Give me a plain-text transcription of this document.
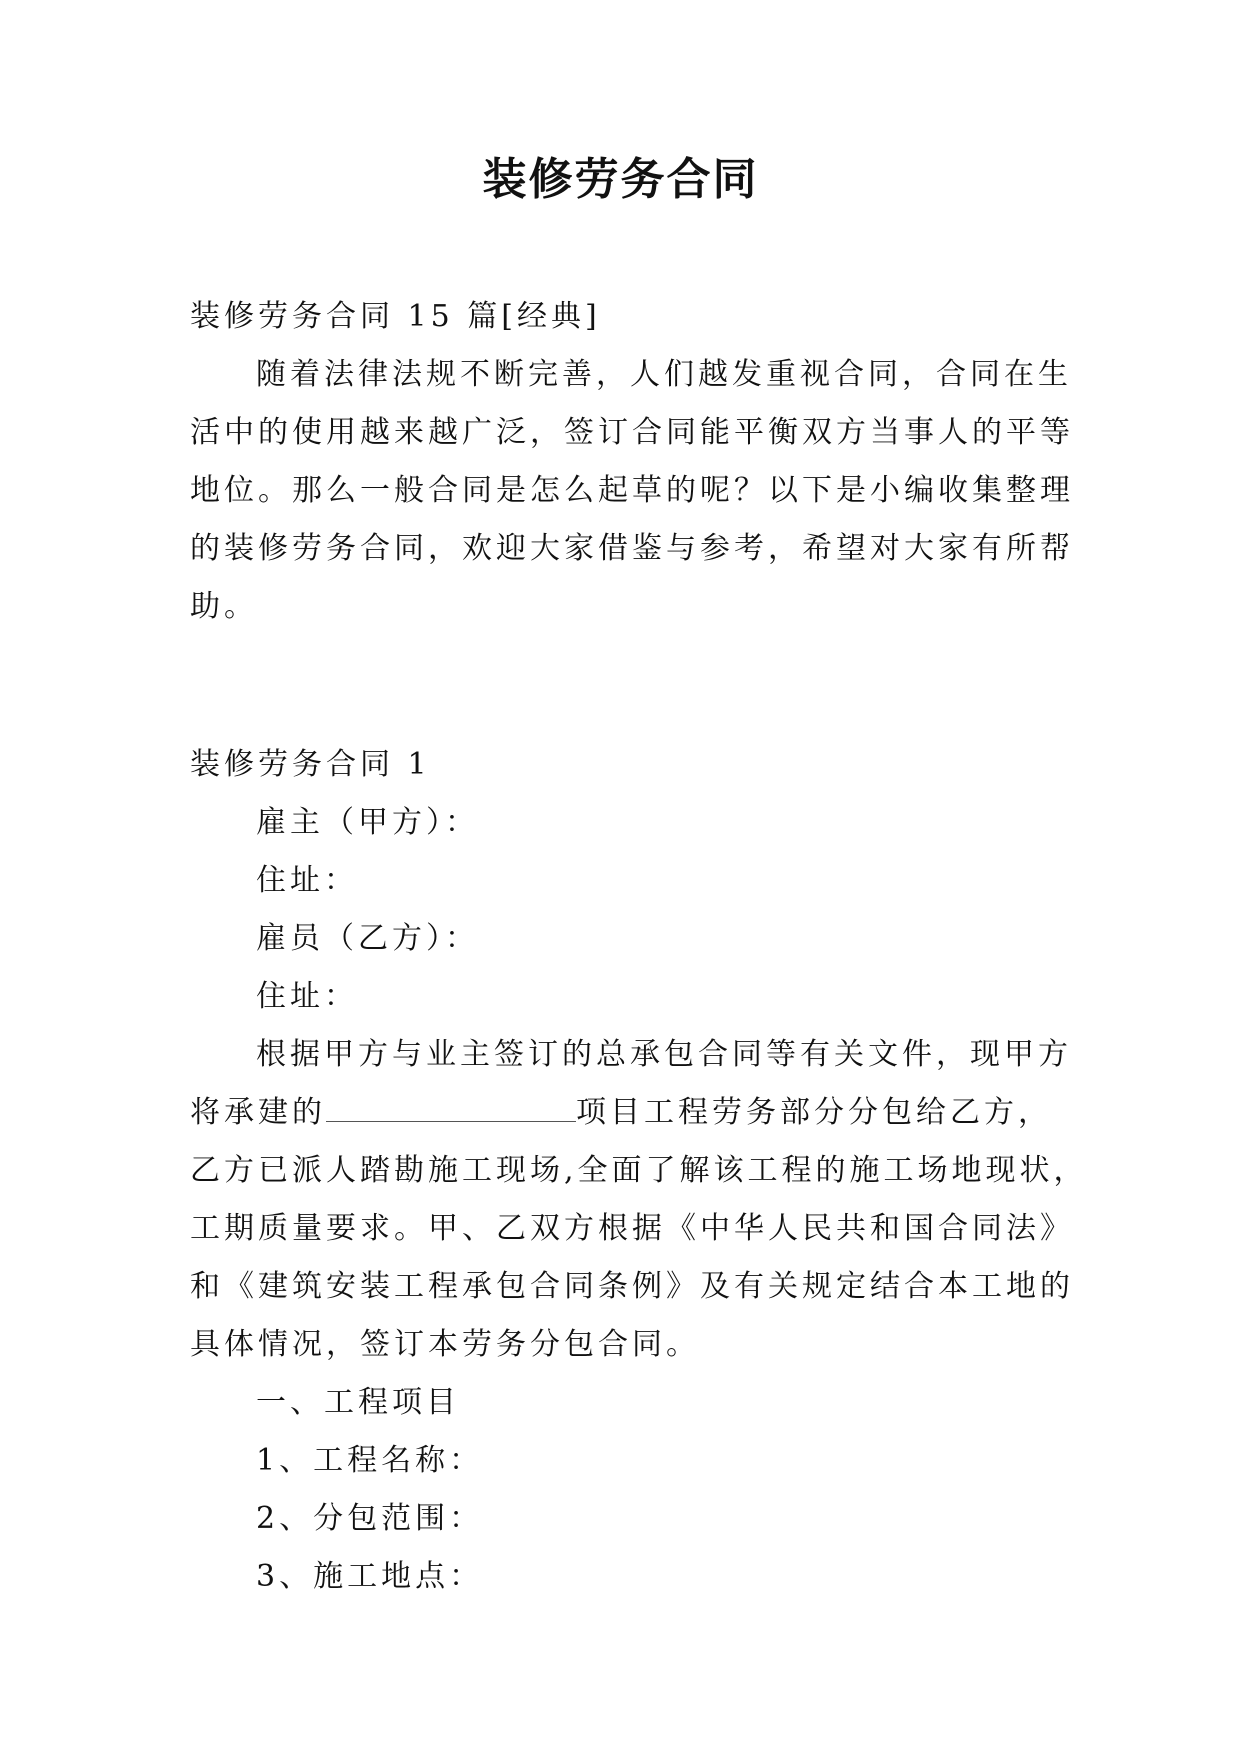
装修劳务合同
装修劳务合同 15 篇[经典]
随着法律法规不断完善，人们越发重视合同，合同在生
活中的使用越来越广泛，签订合同能平衡双方当事人的平等
地位。那么一般合同是怎么起草的呢？以下是小编收集整理
的装修劳务合同，欢迎大家借鉴与参考，希望对大家有所帮
助。
装修劳务合同 1
雇主（甲方）：
住址：
雇员（乙方）：
住址：
根据甲方与业主签订的总承包合同等有关文件，现甲方
将承建的	项目工程劳务部分分包给乙方，
乙方已派人踏勘施工现场,全面了解该工程的施工场地现状，
工期质量要求。甲、乙双方根据《中华人民共和国合同法》
和《建筑安装工程承包合同条例》及有关规定结合本工地的
具体情况，签订本劳务分包合同。
一、工程项目
1、工程名称：
2、分包范围：
3、施工地点：
